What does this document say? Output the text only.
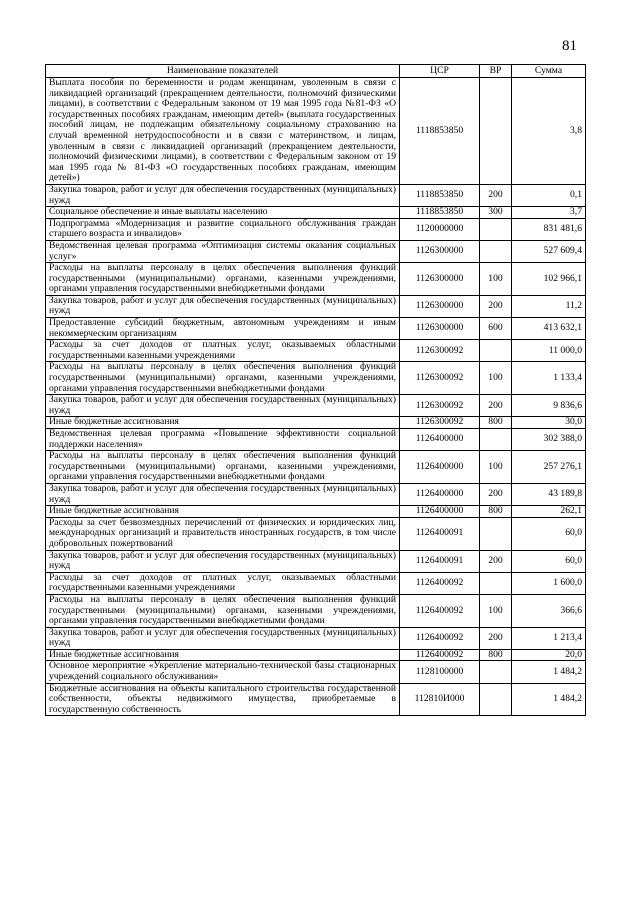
81
Наименование показателей	ЦСР	ВР	Сумма
Выплата пособия по беременности и родам женщинам, уволенным в связи с ликвидацией организаций (прекращением деятельности, полномочий физическими лицами), в соответствии с Федеральным законом от 19 мая 1995 года №81-ФЗ «О государственных пособиях гражданам, имеющим детей» (выплата государственных пособий лицам, не подлежащим обязательному социальному страхованию на случай временной нетрудоспособности и в связи с материнством, и лицам, уволенным в связи с ликвидацией организаций (прекращением деятельности, полномочий физическими лицами), в соответствии с Федеральным законом от 19 мая 1995 года № 81-ФЗ «О государственных пособиях гражданам, имеющим детей»)	1118853850		3,8
Закупка товаров, работ и услуг для обеспечения государственных (муниципальных) нужд	1118853850	200	0,1
Социальное обеспечение и иные выплаты населению	1118853850	300	3,7
Подпрограмма «Модернизация и развитие социального обслуживания граждан старшего возраста и инвалидов»	1120000000		831 481,6
Ведомственная целевая программа «Оптимизация системы оказания социальных услуг»	1126300000		527 609,4
Расходы на выплаты персоналу в целях обеспечения выполнения функций государственными (муниципальными) органами, казенными учреждениями, органами управления государственными внебюджетными фондами	1126300000	100	102 966,1
Закупка товаров, работ и услуг для обеспечения государственных (муниципальных) нужд	1126300000	200	11,2
Предоставление субсидий бюджетным, автономным учреждениям и иным некоммерческим организациям	1126300000	600	413 632,1
Расходы за счет доходов от платных услуг, оказываемых областными государственными казенными учреждениями	1126300092		11 000,0
Расходы на выплаты персоналу в целях обеспечения выполнения функций государственными (муниципальными) органами, казенными учреждениями, органами управления государственными внебюджетными фондами	1126300092	100	1 133,4
Закупка товаров, работ и услуг для обеспечения государственных (муниципальных) нужд	1126300092	200	9 836,6
Иные бюджетные ассигнования	1126300092	800	30,0
Ведомственная целевая программа «Повышение эффективности социальной поддержки населения»	1126400000		302 388,0
Расходы на выплаты персоналу в целях обеспечения выполнения функций государственными (муниципальными) органами, казенными учреждениями, органами управления государственными внебюджетными фондами	1126400000	100	257 276,1
Закупка товаров, работ и услуг для обеспечения государственных (муниципальных) нужд	1126400000	200	43 189,8
Иные бюджетные ассигнования	1126400000	800	262,1
Расходы за счет безвозмездных перечислений от физических и юридических лиц, международных организаций и правительств иностранных государств, в том числе добровольных пожертвований	1126400091		60,0
Закупка товаров, работ и услуг для обеспечения государственных (муниципальных) нужд	1126400091	200	60,0
Расходы за счет доходов от платных услуг, оказываемых областными государственными казенными учреждениями	1126400092		1 600,0
Расходы на выплаты персоналу в целях обеспечения выполнения функций государственными (муниципальными) органами, казенными учреждениями, органами управления государственными внебюджетными фондами	1126400092	100	366,6
Закупка товаров, работ и услуг для обеспечения государственных (муниципальных) нужд	1126400092	200	1 213,4
Иные бюджетные ассигнования	1126400092	800	20,0
Основное мероприятие «Укрепление материально-технической базы стационарных учреждений социального обслуживания»	1128100000		1 484,2
Бюджетные ассигнования на объекты капитального строительства государственной собственности, объекты недвижимого имущества, приобретаемые в государственную собственность	112810И000		1 484,2
